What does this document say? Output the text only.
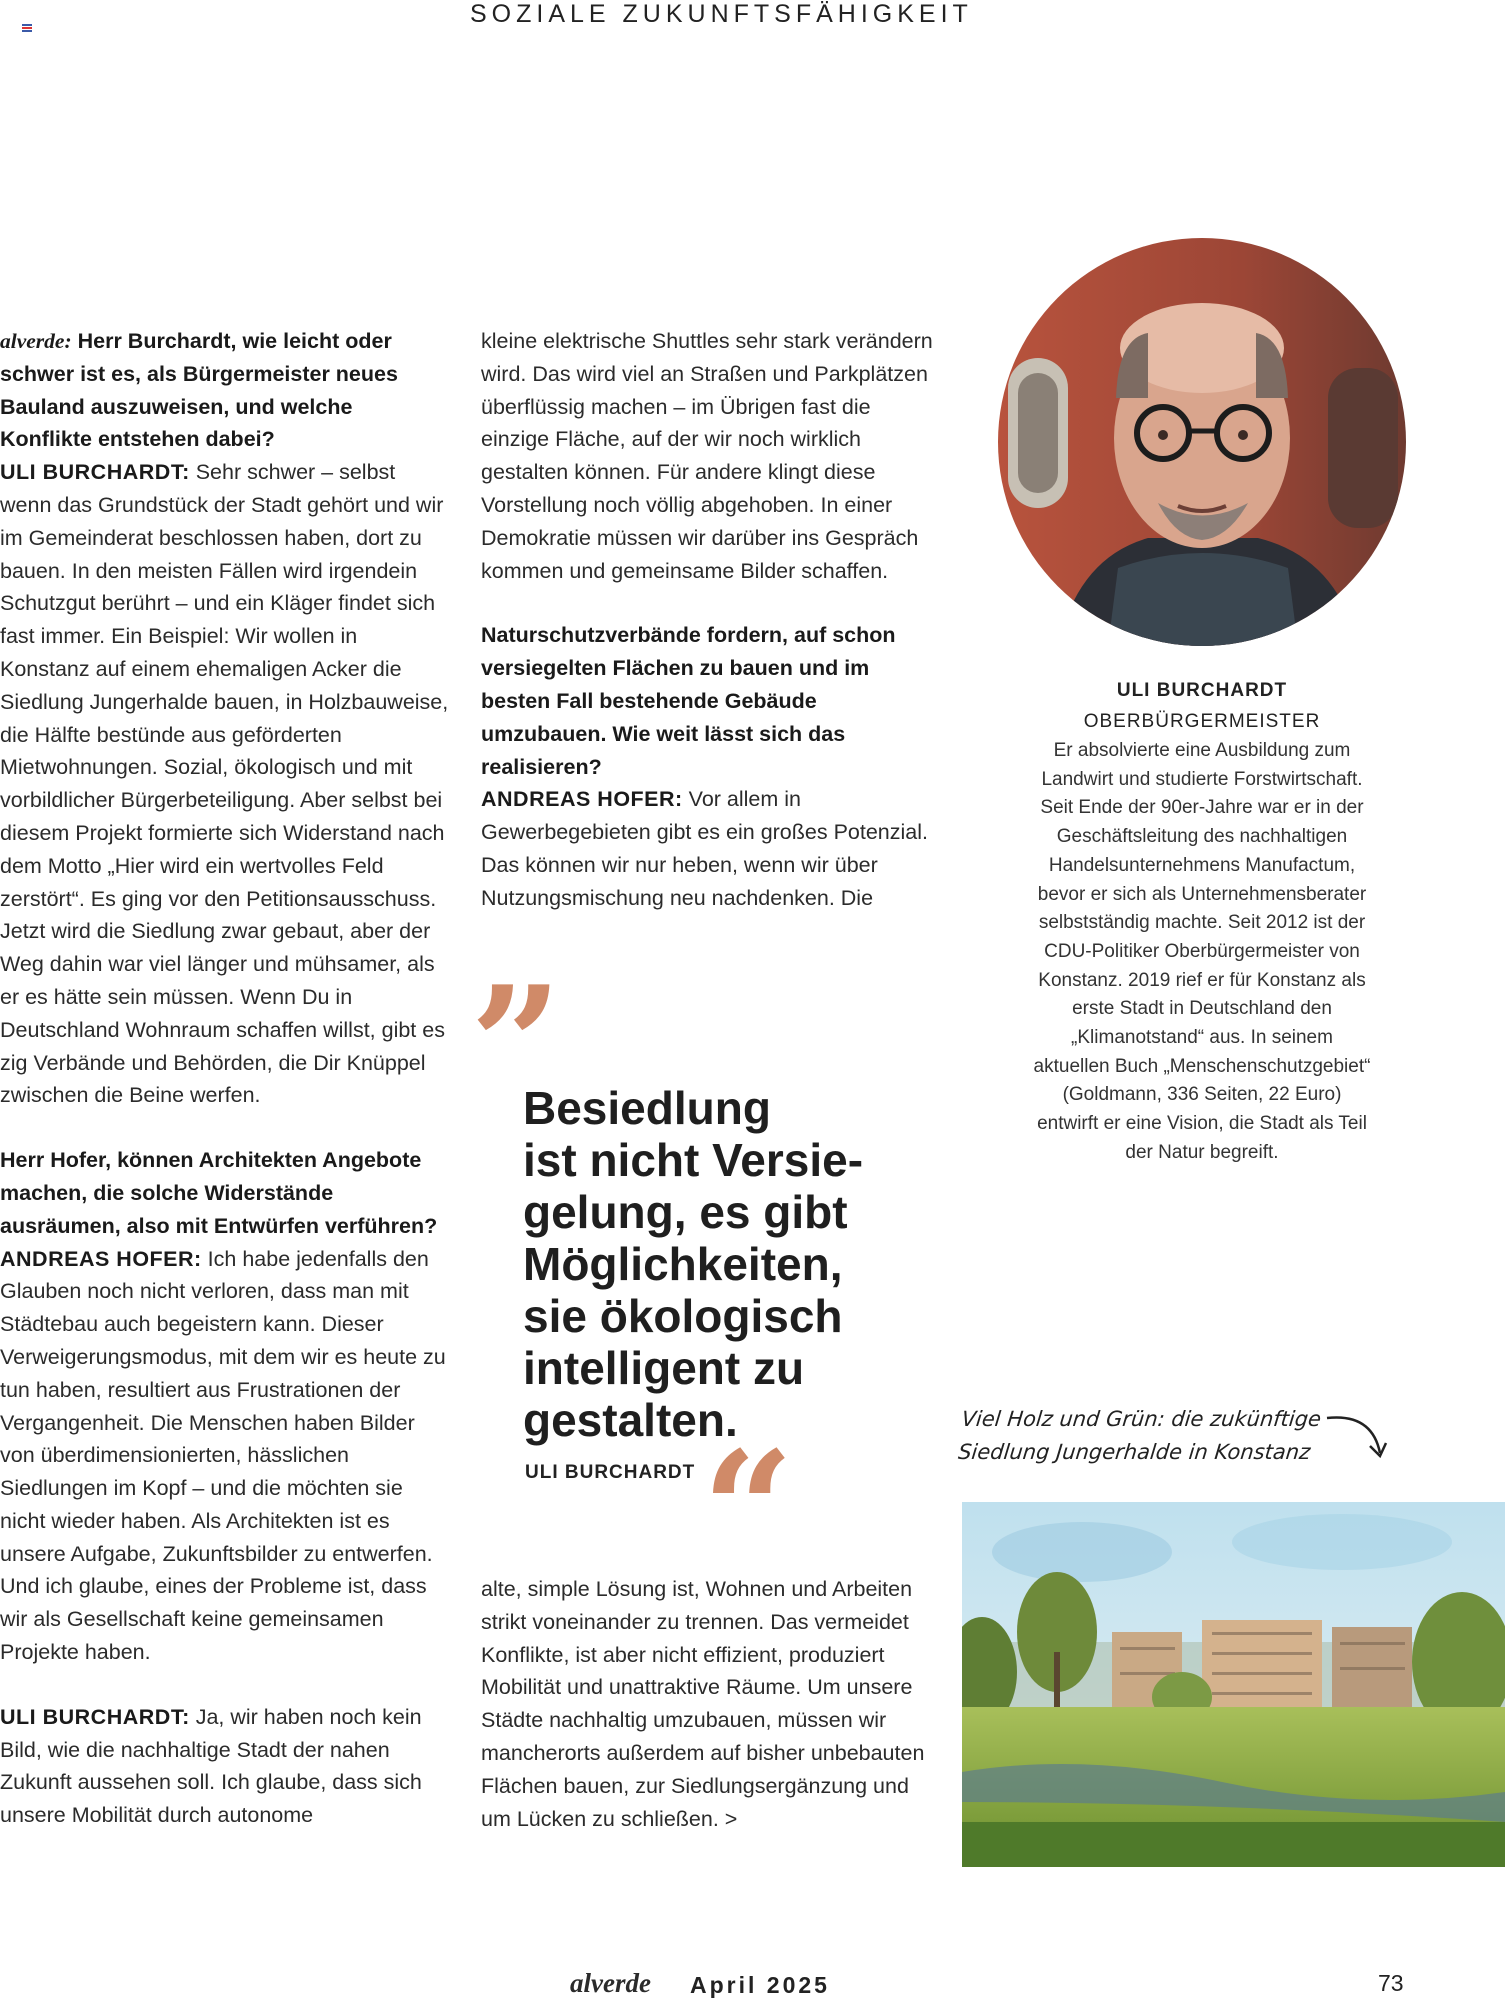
SOZIALE ZUKUNFTSFÄHIGKEIT

alverde: Herr Burchardt, wie leicht oder schwer ist es, als Bürgermeister neues Bauland auszuweisen, und welche Konflikte entstehen dabei?

ULI BURCHARDT: Sehr schwer – selbst wenn das Grundstück der Stadt gehört und wir im Gemeinderat beschlossen haben, dort zu bauen. In den meisten Fällen wird irgendein Schutzgut berührt – und ein Kläger findet sich fast immer. Ein Beispiel: Wir wollen in Konstanz auf einem ehemaligen Acker die Siedlung Jungerhalde bauen, in Holzbauweise, die Hälfte bestünde aus geförderten Mietwohnungen. Sozial, ökologisch und mit vorbildlicher Bürgerbeteiligung. Aber selbst bei diesem Projekt formierte sich Widerstand nach dem Motto „Hier wird ein wertvolles Feld zerstört“. Es ging vor den Petitionsausschuss. Jetzt wird die Siedlung zwar gebaut, aber der Weg dahin war viel länger und mühsamer, als er es hätte sein müssen. Wenn Du in Deutschland Wohnraum schaffen willst, gibt es zig Verbände und Behörden, die Dir Knüppel zwischen die Beine werfen.

Herr Hofer, können Architekten Angebote machen, die solche Widerstände ausräumen, also mit Entwürfen verführen?

ANDREAS HOFER: Ich habe jedenfalls den Glauben noch nicht verloren, dass man mit Städtebau auch begeistern kann. Dieser Verweigerungsmodus, mit dem wir es heute zu tun haben, resultiert aus Frustrationen der Vergangenheit. Die Menschen haben Bilder von überdimensionierten, hässlichen Siedlungen im Kopf – und die möchten sie nicht wieder haben. Als Architekten ist es unsere Aufgabe, Zukunftsbilder zu entwerfen. Und ich glaube, eines der Probleme ist, dass wir als Gesellschaft keine gemeinsamen Projekte haben.

ULI BURCHARDT: Ja, wir haben noch kein Bild, wie die nachhaltige Stadt der nahen Zukunft aussehen soll. Ich glaube, dass sich unsere Mobilität durch autonome

kleine elektrische Shuttles sehr stark verändern wird. Das wird viel an Straßen und Parkplätzen überflüssig machen – im Übrigen fast die einzige Fläche, auf der wir noch wirklich gestalten können. Für andere klingt diese Vorstellung noch völlig abgehoben. In einer Demokratie müssen wir darüber ins Gespräch kommen und gemeinsame Bilder schaffen.

Naturschutzverbände fordern, auf schon versiegelten Flächen zu bauen und im besten Fall bestehende Gebäude umzubauen. Wie weit lässt sich das realisieren?

ANDREAS HOFER: Vor allem in Gewerbegebieten gibt es ein großes Potenzial. Das können wir nur heben, wenn wir über Nutzungsmischung neu nachdenken. Die

”
Besiedlung
ist nicht Versie-
gelung, es gibt
Möglichkeiten,
sie ökologisch
intelligent zu
gestalten.
ULI BURCHARDT “

alte, simple Lösung ist, Wohnen und Arbeiten strikt voneinander zu trennen. Das vermeidet Konflikte, ist aber nicht effizient, produziert Mobilität und unattraktive Räume. Um unsere Städte nachhaltig umzubauen, müssen wir mancherorts außerdem auf bisher unbebauten Flächen bauen, zur Siedlungsergänzung und um Lücken zu schließen. >

ULI BURCHARDT
OBERBÜRGERMEISTER
Er absolvierte eine Ausbildung zum Landwirt und studierte Forstwirtschaft. Seit Ende der 90er-Jahre war er in der Geschäftsleitung des nachhaltigen Handelsunternehmens Manufactum, bevor er sich als Unternehmensberater selbstständig machte. Seit 2012 ist der CDU-Politiker Oberbürgermeister von Konstanz. 2019 rief er für Konstanz als erste Stadt in Deutschland den „Klimanotstand“ aus. In seinem aktuellen Buch „Menschenschutzgebiet“ (Goldmann, 336 Seiten, 22 Euro) entwirft er eine Vision, die Stadt als Teil der Natur begreift.
Viel Holz und Grün: die zukünftige
Siedlung Jungerhalde in Konstanz
alverde April 2025	73
